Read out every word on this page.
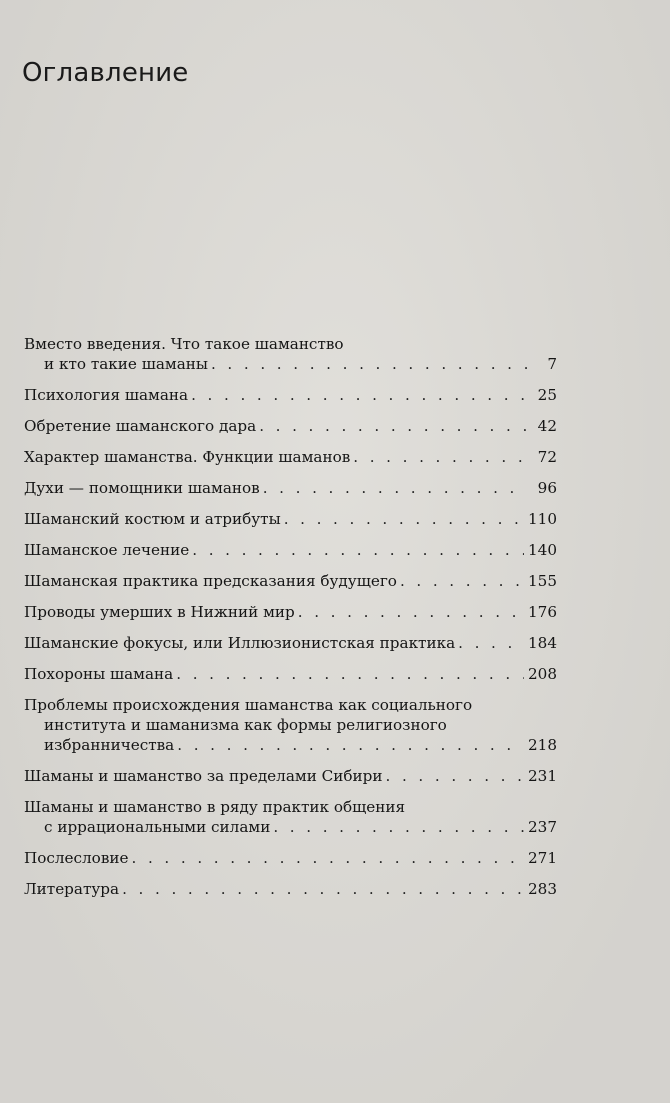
Оглавление
Вместо введения. Что такое шаманство
и кто такие шаманы . . .	7
Психология шамана . . .	25
Обретение шаманского дара . . .	42
Характер шаманства. Функции шаманов . . .	72
Духи — помощники шаманов . . .	96
Шаманский костюм и атрибуты . . .	110
Шаманское лечение . . .	140
Шаманская практика предсказания будущего . . .	155
Проводы умерших в Нижний мир . . .	176
Шаманские фокусы, или Иллюзионистская практика . . .	184
Похороны шамана . . .	208
Проблемы происхождения шаманства как социального
института и шаманизма как формы религиозного
избранничества . . .	218
Шаманы и шаманство за пределами Сибири . . .	231
Шаманы и шаманство в ряду практик общения
с иррациональными силами . . .	237
Послесловие . . .	271
Литература . . .	283
